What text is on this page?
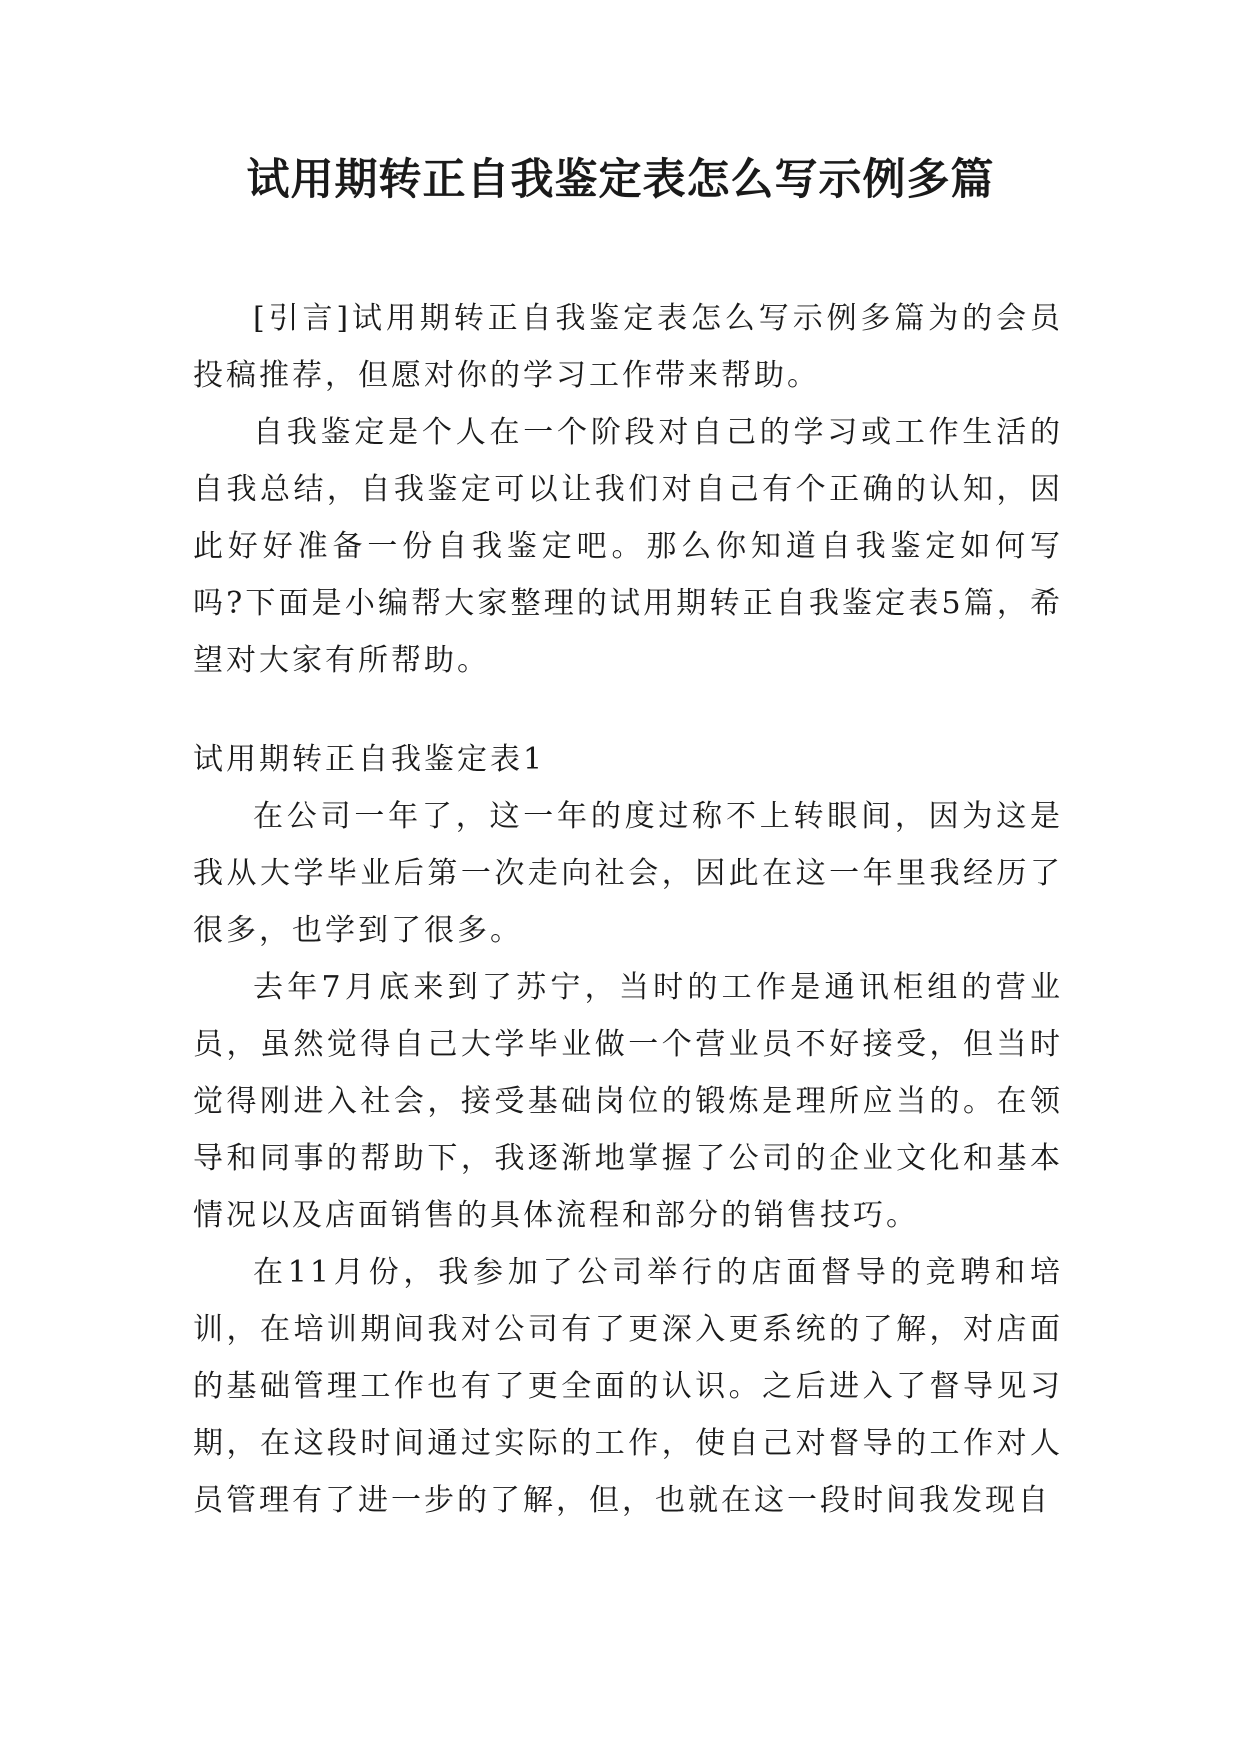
试用期转正自我鉴定表怎么写示例多篇

[引言]试用期转正自我鉴定表怎么写示例多篇为的会员投稿推荐，但愿对你的学习工作带来帮助。

自我鉴定是个人在一个阶段对自己的学习或工作生活的自我总结，自我鉴定可以让我们对自己有个正确的认知，因此好好准备一份自我鉴定吧。那么你知道自我鉴定如何写吗?下面是小编帮大家整理的试用期转正自我鉴定表5篇，希望对大家有所帮助。

试用期转正自我鉴定表1

在公司一年了，这一年的度过称不上转眼间，因为这是我从大学毕业后第一次走向社会，因此在这一年里我经历了很多，也学到了很多。

去年7月底来到了苏宁，当时的工作是通讯柜组的营业员，虽然觉得自己大学毕业做一个营业员不好接受，但当时觉得刚进入社会，接受基础岗位的锻炼是理所应当的。在领导和同事的帮助下，我逐渐地掌握了公司的企业文化和基本情况以及店面销售的具体流程和部分的销售技巧。

在11月份，我参加了公司举行的店面督导的竞聘和培训，在培训期间我对公司有了更深入更系统的了解，对店面的基础管理工作也有了更全面的认识。之后进入了督导见习期，在这段时间通过实际的工作，使自己对督导的工作对人员管理有了进一步的了解，但，也就在这一段时间我发现自
